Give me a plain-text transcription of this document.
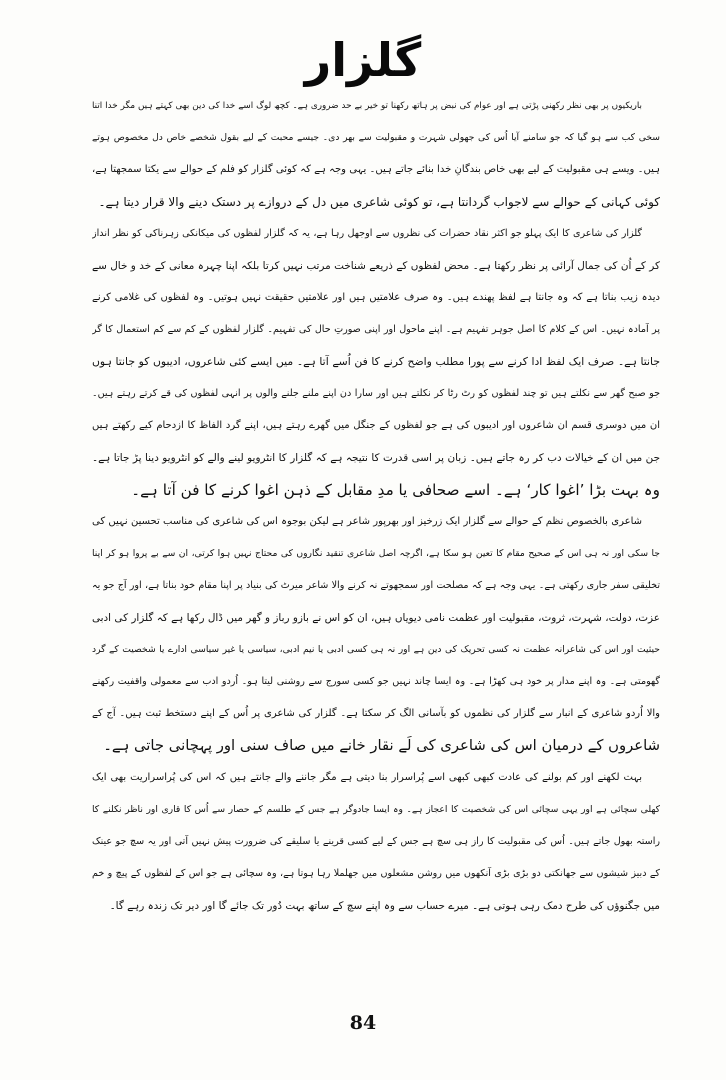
گلزار
باریکیوں پر بھی نظر رکھنی پڑتی ہے اور عوام کی نبض پر ہاتھ رکھنا تو خیر بے حد ضروری ہے۔ کچھ لوگ اسے خدا کی دین بھی کہتے ہیں مگر خدا اتنا
سخی کب سے ہو گیا کہ جو سامنے آیا اُس کی جھولی شہرت و مقبولیت سے بھر دی۔ جیسے محبت کے لیے بقول شخصے خاص دل مخصوص ہوتے
ہیں۔ ویسے ہی مقبولیت کے لیے بھی خاص بندگانِ خدا بنائے جاتے ہیں۔ یہی وجہ ہے کہ کوئی گلزار کو فلم کے حوالے سے یکتا سمجھتا ہے،
کوئی کہانی کے حوالے سے لاجواب گردانتا ہے، تو کوئی شاعری میں دل کے دروازے پر دستک دینے والا قرار دیتا ہے۔
گلزار کی شاعری کا ایک پہلو جو اکثر نقاد حضرات کی نظروں سے اوجھل رہا ہے، یہ کہ گلزار لفظوں کی میکانکی زہرناکی کو نظر انداز
کر کے اُن کی جمال آرائی پر نظر رکھتا ہے۔ محض لفظوں کے ذریعے شناخت مرتب نہیں کرتا بلکہ اپنا چہرہ معانی کے خد و خال سے
دیدہ زیب بناتا ہے کہ وہ جانتا ہے لفظ پھندے ہیں۔ وہ صرف علامتیں ہیں اور علامتیں حقیقت نہیں ہوتیں۔ وہ لفظوں کی غلامی کرنے
پر آمادہ نہیں۔ اس کے کلام کا اصل جوہر تفہیم ہے۔ اپنے ماحول اور اپنی صورتِ حال کی تفہیم۔ گلزار لفظوں کے کم سے کم استعمال کا گر
جانتا ہے۔ صرف ایک لفظ ادا کرنے سے پورا مطلب واضح کرنے کا فن اُسے آتا ہے۔ میں ایسے کئی شاعروں، ادیبوں کو جانتا ہوں
جو صبح گھر سے نکلتے ہیں تو چند لفظوں کو رٹ رٹا کر نکلتے ہیں اور سارا دن اپنے ملنے جلنے والوں پر انہی لفظوں کی قے کرتے رہتے ہیں۔
ان میں دوسری قسم ان شاعروں اور ادیبوں کی ہے جو لفظوں کے جنگل میں گھرے رہتے ہیں، اپنے گرد الفاظ کا ازدحام کیے رکھتے ہیں
جن میں ان کے خیالات دب کر رہ جاتے ہیں۔ زبان پر اسی قدرت کا نتیجہ ہے کہ گلزار کا انٹرویو لینے والے کو انٹرویو دینا پڑ جاتا ہے۔
وہ بہت بڑا ’اغوا کار‘ ہے۔ اسے صحافی یا مدِ مقابل کے ذہن اغوا کرنے کا فن آتا ہے۔
شاعری بالخصوص نظم کے حوالے سے گلزار ایک زرخیز اور بھرپور شاعر ہے لیکن بوجوہ اس کی شاعری کی مناسب تحسین نہیں کی
جا سکی اور نہ ہی اس کے صحیح مقام کا تعین ہو سکا ہے، اگرچہ اصل شاعری تنقید نگاروں کی محتاج نہیں ہوا کرتی، ان سے بے پروا ہو کر اپنا
تخلیقی سفر جاری رکھتی ہے۔ یہی وجہ ہے کہ مصلحت اور سمجھوتے نہ کرنے والا شاعر میرٹ کی بنیاد پر اپنا مقام خود بناتا ہے، اور آج جو یہ
عزت، دولت، شہرت، ثروت، مقبولیت اور عظمت نامی دیویاں ہیں، ان کو اس نے بازو رباز و گھر میں ڈال رکھا ہے کہ گلزار کی ادبی
حیثیت اور اس کی شاعرانہ عظمت نہ کسی تحریک کی دین ہے اور نہ ہی کسی ادبی یا نیم ادبی، سیاسی یا غیر سیاسی ادارے یا شخصیت کے گرد
گھومتی ہے۔ وہ اپنے مدار پر خود ہی کھڑا ہے۔ وہ ایسا چاند نہیں جو کسی سورج سے روشنی لیتا ہو۔ اُردو ادب سے معمولی واقفیت رکھنے
والا اُردو شاعری کے انبار سے گلزار کی نظموں کو بآسانی الگ کر سکتا ہے۔ گلزار کی شاعری پر اُس کے اپنے دستخط ثبت ہیں۔ آج کے
شاعروں کے درمیان اس کی شاعری کی لَے نقار خانے میں صاف سنی اور پہچانی جاتی ہے۔
بہت لکھنے اور کم بولنے کی عادت کبھی کبھی اسے پُراسرار بنا دیتی ہے مگر جاننے والے جانتے ہیں کہ اس کی پُراسراریت بھی ایک
کھلی سچائی ہے اور یہی سچائی اس کی شخصیت کا اعجاز ہے۔ وہ ایسا جادوگر ہے جس کے طلسم کے حصار سے اُس کا قاری اور ناظر نکلنے کا
راستہ بھول جاتے ہیں۔ اُس کی مقبولیت کا راز ہی سچ ہے جس کے لیے کسی قرینے یا سلیقے کی ضرورت پیش نہیں آتی اور یہ سچ جو عینک
کے دبیز شیشوں سے جھانکتی دو بڑی بڑی آنکھوں میں روشن مشعلوں میں جھلملا رہا ہوتا ہے، وہ سچائی ہے جو اس کے لفظوں کے پیچ و خم
میں جگنوؤں کی طرح دمک رہی ہوتی ہے۔ میرے حساب سے وہ اپنے سچ کے ساتھ بہت دُور تک جائے گا اور دیر تک زندہ رہے گا۔
84
